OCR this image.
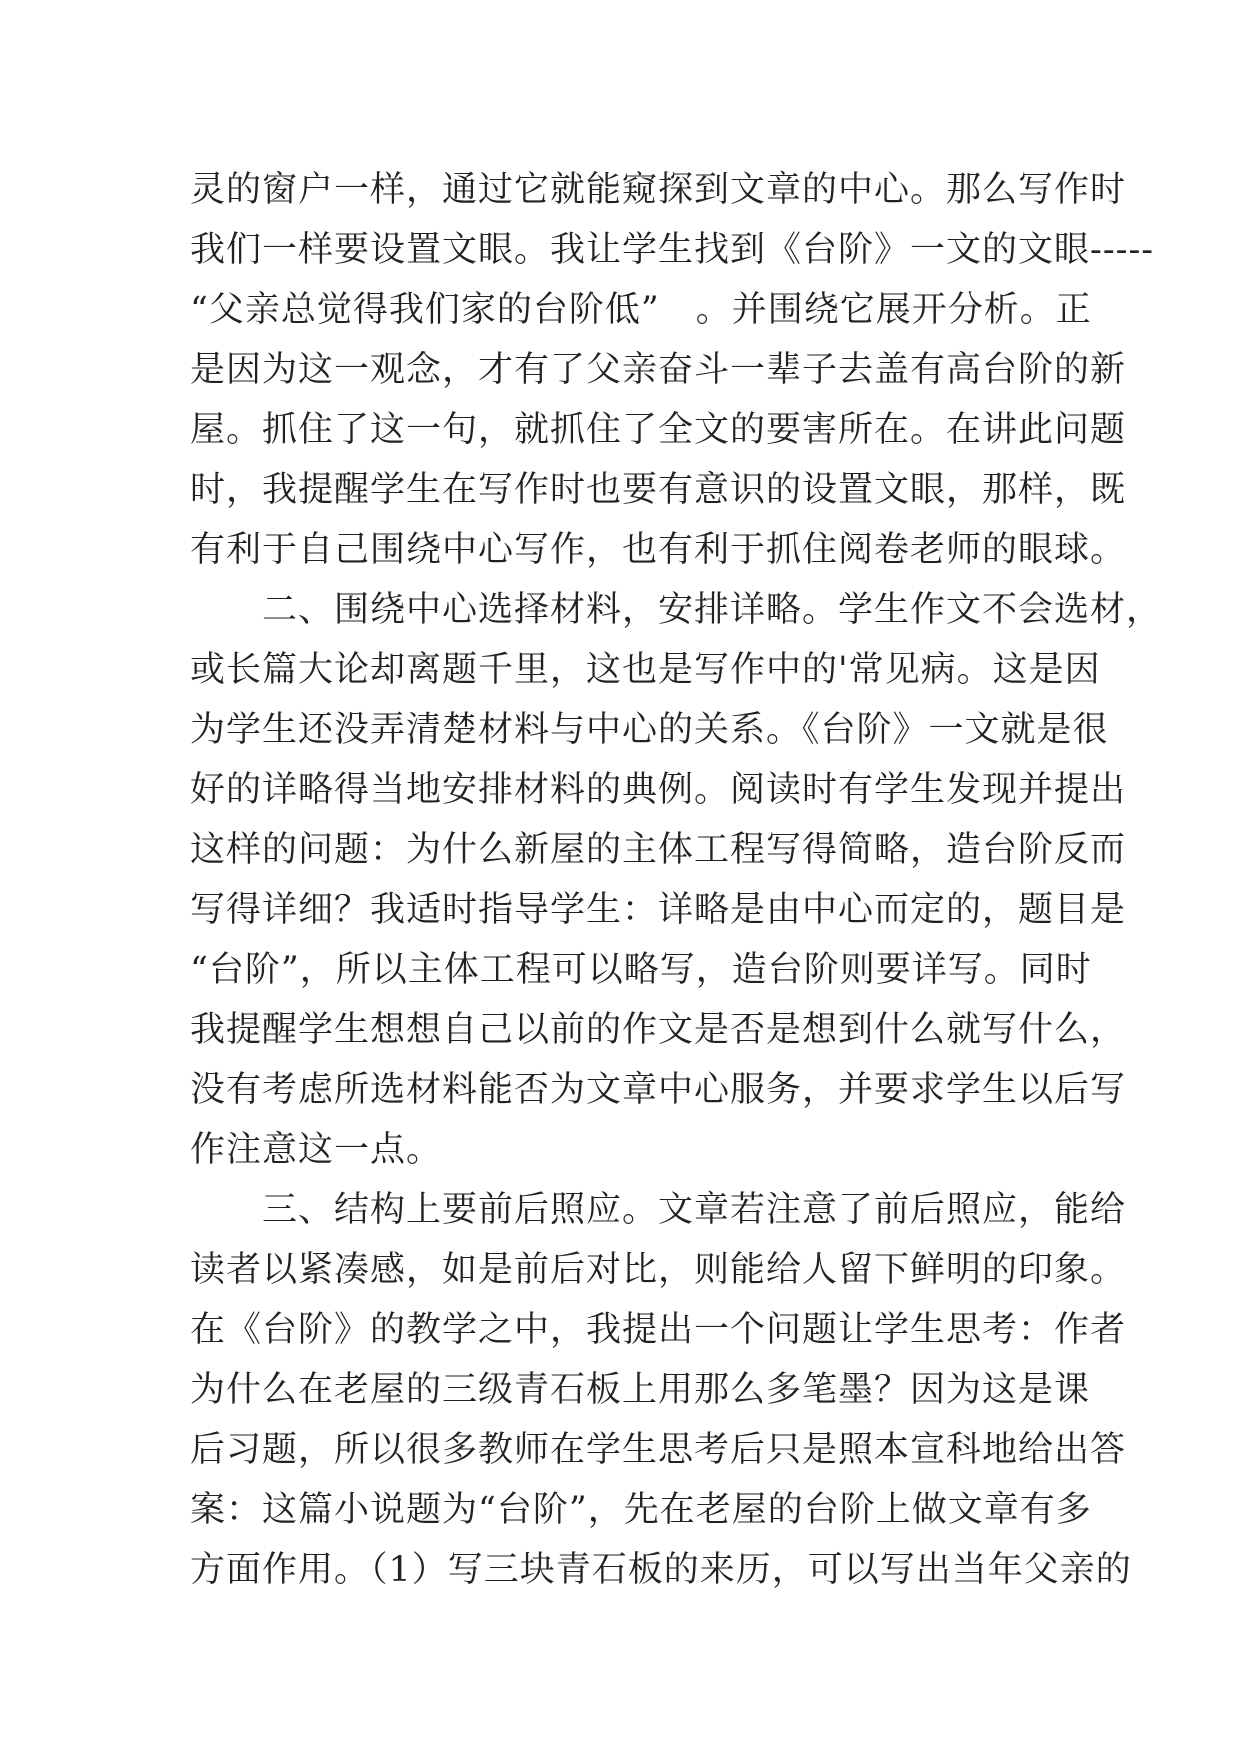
灵的窗户一样，通过它就能窥探到文章的中心。那么写作时
我们一样要设置文眼。我让学生找到《台阶》一文的文眼-----
“父亲总觉得我们家的台阶低”　。并围绕它展开分析。正
是因为这一观念，才有了父亲奋斗一辈子去盖有高台阶的新
屋。抓住了这一句，就抓住了全文的要害所在。在讲此问题
时，我提醒学生在写作时也要有意识的设置文眼，那样，既
有利于自己围绕中心写作，也有利于抓住阅卷老师的眼球。
　　二、围绕中心选择材料，安排详略。学生作文不会选材，
或长篇大论却离题千里，这也是写作中的'常见病。这是因
为学生还没弄清楚材料与中心的关系。《台阶》一文就是很
好的详略得当地安排材料的典例。阅读时有学生发现并提出
这样的问题：为什么新屋的主体工程写得简略，造台阶反而
写得详细？我适时指导学生：详略是由中心而定的，题目是
“台阶”，所以主体工程可以略写，造台阶则要详写。同时
我提醒学生想想自己以前的作文是否是想到什么就写什么，
没有考虑所选材料能否为文章中心服务，并要求学生以后写
作注意这一点。
　　三、结构上要前后照应。文章若注意了前后照应，能给
读者以紧凑感，如是前后对比，则能给人留下鲜明的印象。
在《台阶》的教学之中，我提出一个问题让学生思考：作者
为什么在老屋的三级青石板上用那么多笔墨？因为这是课
后习题，所以很多教师在学生思考后只是照本宣科地给出答
案：这篇小说题为“台阶”，先在老屋的台阶上做文章有多
方面作用。（1）写三块青石板的来历，可以写出当年父亲的
